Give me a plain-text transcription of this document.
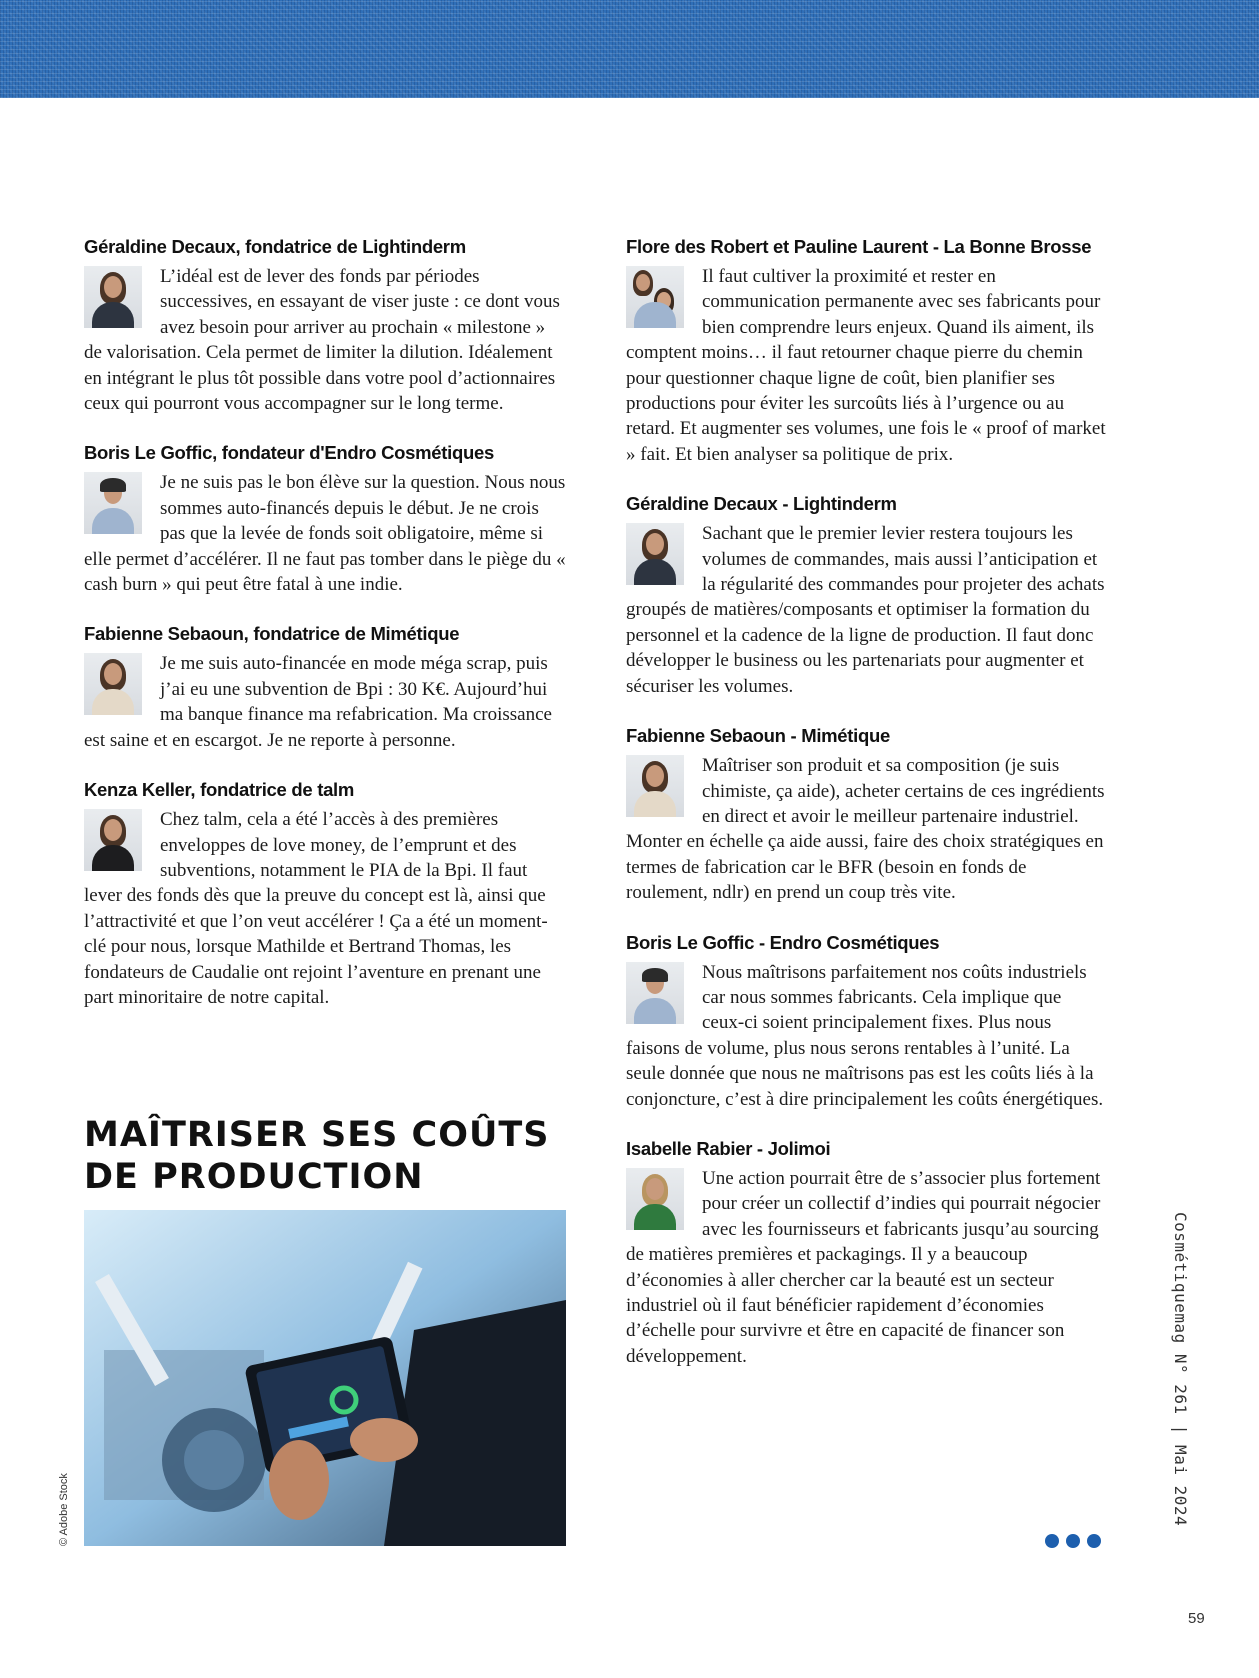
Géraldine Decaux, fondatrice de Lightinderm

L’idéal est de lever des fonds par périodes successives, en essayant de viser juste : ce dont vous avez besoin pour arriver au prochain « milestone » de valorisation. Cela permet de limiter la dilution. Idéalement en intégrant le plus tôt possible dans votre pool d’actionnaires ceux qui pourront vous accompagner sur le long terme.

Boris Le Goffic, fondateur d'Endro Cosmétiques

Je ne suis pas le bon élève sur la question. Nous nous sommes auto-financés depuis le début. Je ne crois pas que la levée de fonds soit obligatoire, même si elle permet d’accélérer. Il ne faut pas tomber dans le piège du « cash burn » qui peut être fatal à une indie.

Fabienne Sebaoun, fondatrice de Mimétique

Je me suis auto-financée en mode méga scrap, puis j’ai eu une subvention de Bpi : 30 K€. Aujourd’hui ma banque finance ma refabrication. Ma croissance est saine et en escargot. Je ne reporte à personne.

Kenza Keller, fondatrice de talm

Chez talm, cela a été l’accès à des premières enveloppes de love money, de l’emprunt et des subventions, notamment le PIA de la Bpi. Il faut lever des fonds dès que la preuve du concept est là, ainsi que l’attractivité et que l’on veut accélérer ! Ça a été un moment-clé pour nous, lorsque Mathilde et Bertrand Thomas, les fondateurs de Caudalie ont rejoint l’aventure en prenant une part minoritaire de notre capital.

MAÎTRISER SES COÛTS DE PRODUCTION
© Adobe Stock
Flore des Robert et Pauline Laurent - La Bonne Brosse

Il faut cultiver la proximité et rester en communication permanente avec ses fabricants pour bien comprendre leurs enjeux. Quand ils aiment, ils comptent moins… il faut retourner chaque pierre du chemin pour questionner chaque ligne de coût, bien planifier ses productions pour éviter les surcoûts liés à l’urgence ou au retard. Et augmenter ses volumes, une fois le « proof of market » fait. Et bien analyser sa politique de prix.

Géraldine Decaux - Lightinderm

Sachant que le premier levier restera toujours les volumes de commandes, mais aussi l’anticipation et la régularité des commandes pour projeter des achats groupés de matières/composants et optimiser la formation du personnel et la cadence de la ligne de production. Il faut donc développer le business ou les partenariats pour augmenter et sécuriser les volumes.

Fabienne Sebaoun - Mimétique

Maîtriser son produit et sa composition (je suis chimiste, ça aide), acheter certains de ces ingrédients en direct et avoir le meilleur partenaire industriel. Monter en échelle ça aide aussi, faire des choix stratégiques en termes de fabrication car le BFR (besoin en fonds de roulement, ndlr) en prend un coup très vite.

Boris Le Goffic - Endro Cosmétiques

Nous maîtrisons parfaitement nos coûts industriels car nous sommes fabricants. Cela implique que ceux-ci soient principalement fixes. Plus nous faisons de volume, plus nous serons rentables à l’unité. La seule donnée que nous ne maîtrisons pas est les coûts liés à la conjoncture, c’est à dire principalement les coûts énergétiques.

Isabelle Rabier - Jolimoi

Une action pourrait être de s’associer plus fortement pour créer un collectif d’indies qui pourrait négocier avec les fournisseurs et fabricants jusqu’au sourcing de matières premières et packagings. Il y a beaucoup d’économies à aller chercher car la beauté est un secteur industriel où il faut bénéficier rapidement d’économies d’échelle pour survivre et être en capacité de financer son développement.	Cosmétiquemag N° 261 | Mai 2024
59
